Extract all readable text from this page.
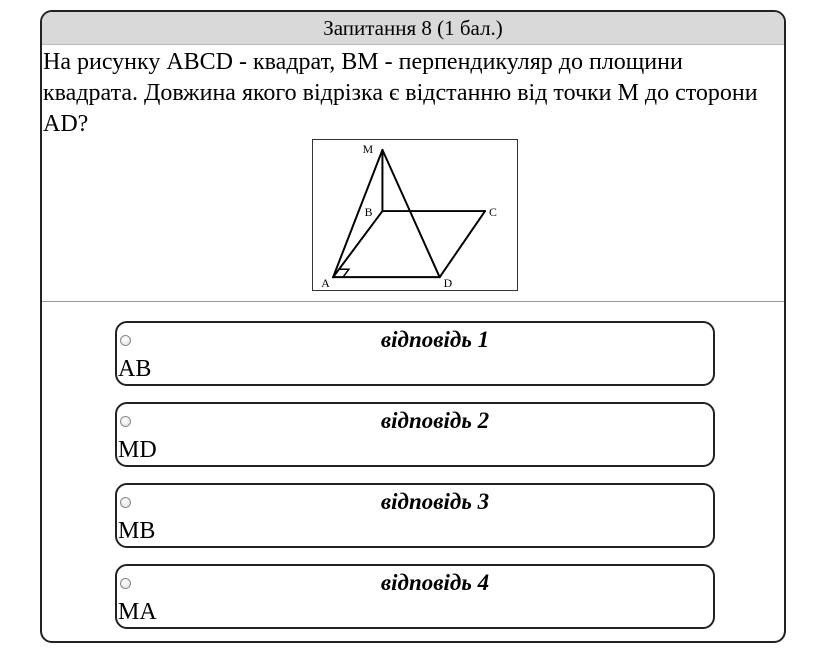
Запитання 8 (1 бал.)
На рисунку ABCD - квадрат, ВМ - перпендикуляр до площини квадрата. Довжина якого відрізка є відстанню від точки М до сторони AD?
M
B	C
A	D
відповідь 1
AB
відповідь 2
MD
відповідь 3
MB
відповідь 4
MA
